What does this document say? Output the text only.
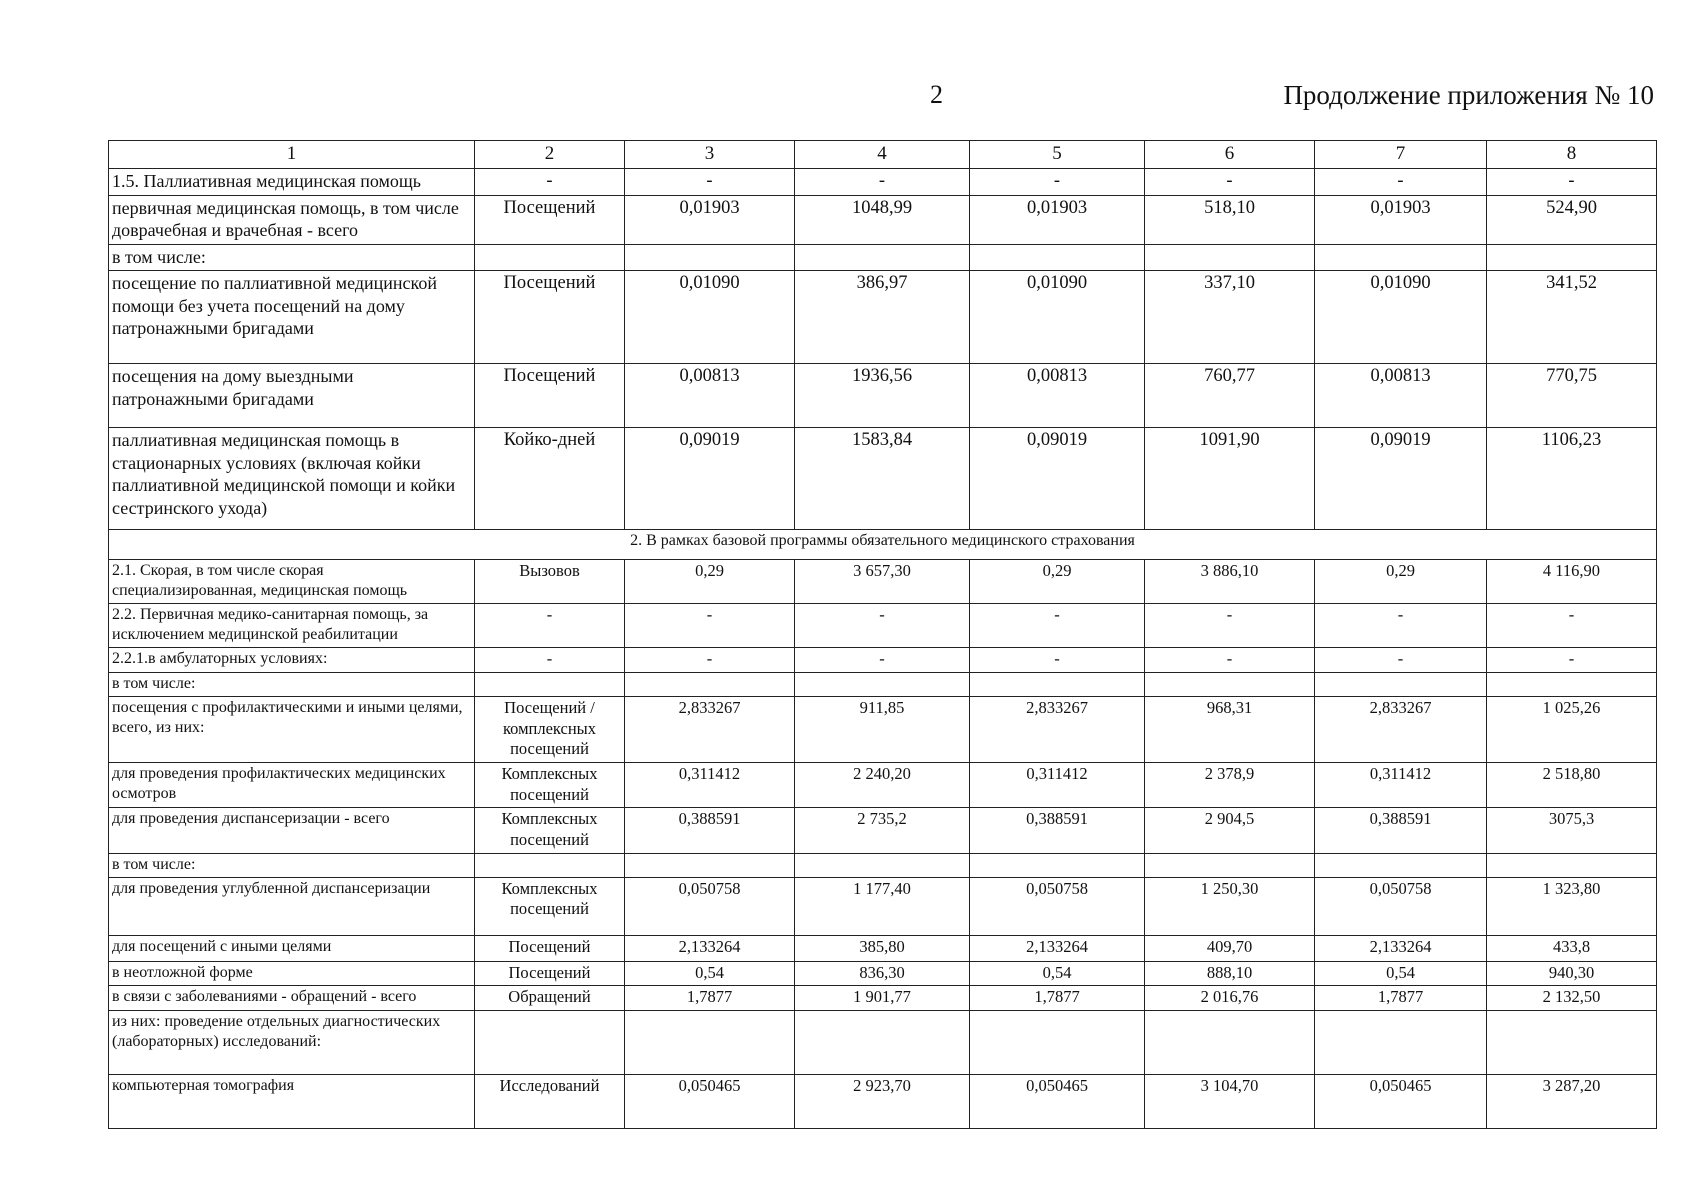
2	Продолжение приложения № 10
1	2	3	4	5	6	7	8
1.5. Паллиативная медицинская помощь	-	-	-	-	-	-	-
первичная медицинская помощь, в том числе доврачебная и врачебная - всего	Посещений	0,01903	1048,99	0,01903	518,10	0,01903	524,90
в том числе:							
посещение по паллиативной медицинской помощи без учета посещений на дому патронажными бригадами	Посещений	0,01090	386,97	0,01090	337,10	0,01090	341,52
посещения на дому выездными патронажными бригадами	Посещений	0,00813	1936,56	0,00813	760,77	0,00813	770,75
паллиативная медицинская помощь в стационарных условиях (включая койки паллиативной медицинской помощи и койки сестринского ухода)	Койко-дней	0,09019	1583,84	0,09019	1091,90	0,09019	1106,23
2. В рамках базовой программы обязательного медицинского страхования							
2.1. Скорая, в том числе скорая специализированная, медицинская помощь	Вызовов	0,29	3 657,30	0,29	3 886,10	0,29	4 116,90
2.2. Первичная медико-санитарная помощь, за исключением медицинской реабилитации	-	-	-	-	-	-	-
2.2.1.в амбулаторных условиях:	-	-	-	-	-	-	-
в том числе:							
посещения с профилактическими и иными целями, всего, из них:	Посещений /комплексных посещений	2,833267	911,85	2,833267	968,31	2,833267	1 025,26
для проведения профилактических медицинских осмотров	Комплексных посещений	0,311412	2 240,20	0,311412	2 378,9	0,311412	2 518,80
для проведения диспансеризации - всего	Комплексных посещений	0,388591	2 735,2	0,388591	2 904,5	0,388591	3075,3
в том числе:							
для проведения углубленной диспансеризации	Комплексных посещений	0,050758	1 177,40	0,050758	1 250,30	0,050758	1 323,80
для посещений с иными целями	Посещений	2,133264	385,80	2,133264	409,70	2,133264	433,8
в неотложной форме	Посещений	0,54	836,30	0,54	888,10	0,54	940,30
в связи с заболеваниями - обращений - всего	Обращений	1,7877	1 901,77	1,7877	2 016,76	1,7877	2 132,50
из них: проведение отдельных диагностических (лабораторных) исследований:							
компьютерная томография	Исследований	0,050465	2 923,70	0,050465	3 104,70	0,050465	3 287,20
